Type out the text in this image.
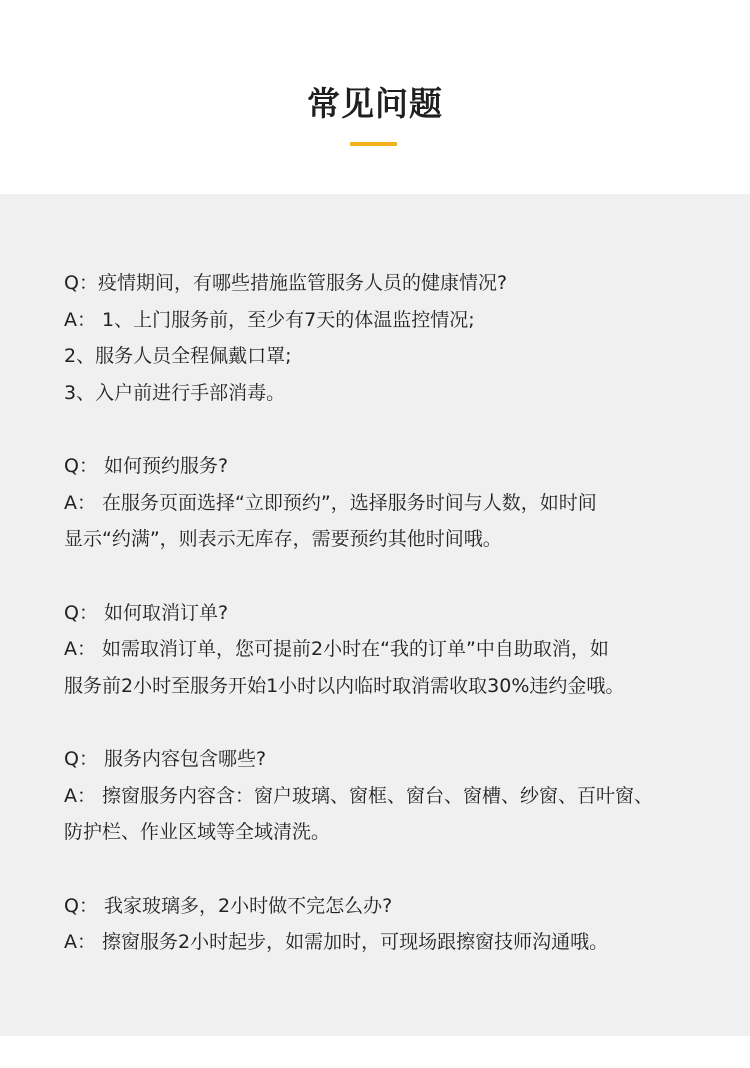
常见问题
Q：疫情期间，有哪些措施监管服务人员的健康情况?
A： 1、上门服务前，至少有7天的体温监控情况;
2、服务人员全程佩戴口罩;
3、入户前进行手部消毒。
Q： 如何预约服务?
A： 在服务页面选择“立即预约”，选择服务时间与人数，如时间
显示“约满”，则表示无库存，需要预约其他时间哦。
Q： 如何取消订单?
A： 如需取消订单，您可提前2小时在“我的订单”中自助取消，如
服务前2小时至服务开始1小时以内临时取消需收取30%违约金哦。
Q： 服务内容包含哪些?
A： 擦窗服务内容含：窗户玻璃、窗框、窗台、窗槽、纱窗、百叶窗、
防护栏、作业区域等全域清洗。
Q： 我家玻璃多，2小时做不完怎么办?
A： 擦窗服务2小时起步，如需加时，可现场跟擦窗技师沟通哦。
